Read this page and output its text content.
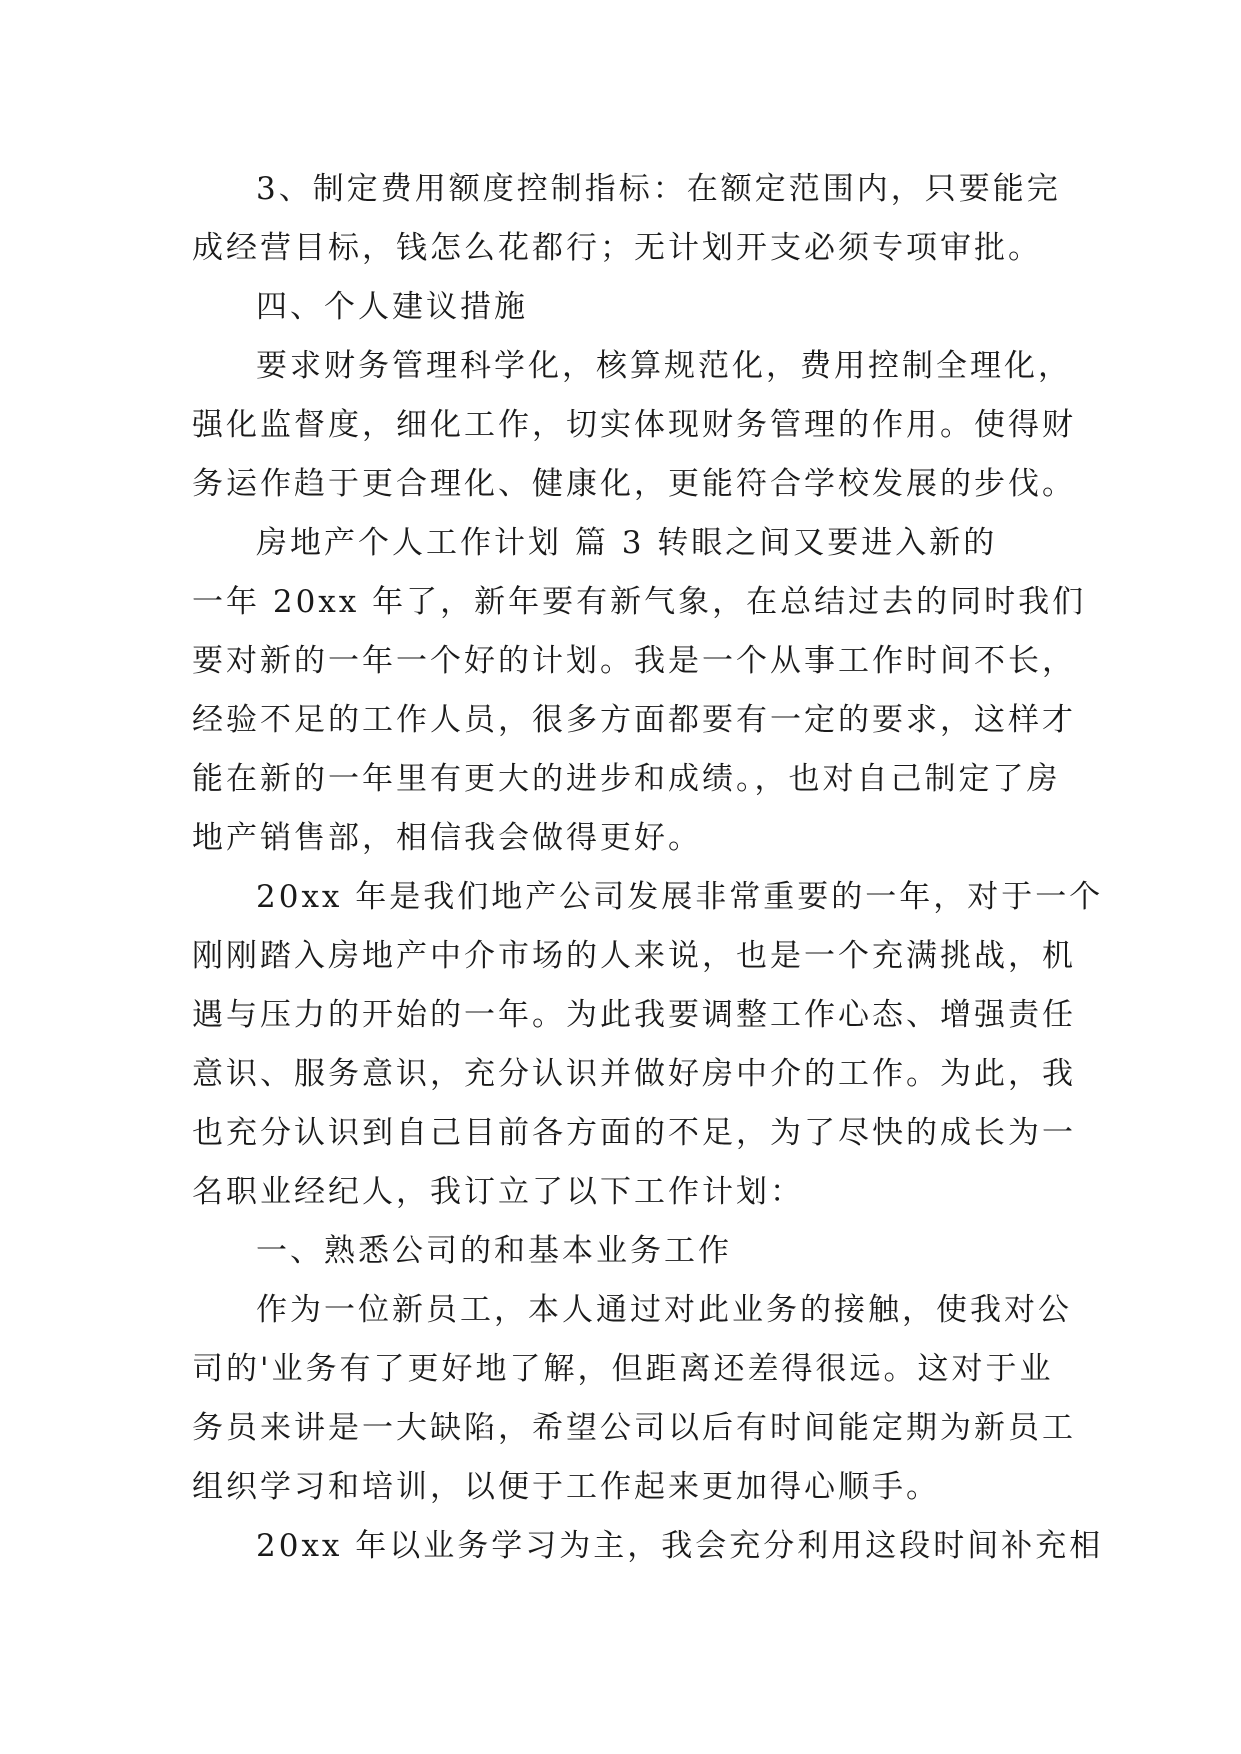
3、制定费用额度控制指标：在额定范围内，只要能完
成经营目标，钱怎么花都行；无计划开支必须专项审批。
四、个人建议措施
要求财务管理科学化，核算规范化，费用控制全理化，
强化监督度，细化工作，切实体现财务管理的作用。使得财
务运作趋于更合理化、健康化，更能符合学校发展的步伐。
房地产个人工作计划 篇 3 转眼之间又要进入新的
一年 20xx 年了，新年要有新气象，在总结过去的同时我们
要对新的一年一个好的计划。我是一个从事工作时间不长，
经验不足的工作人员，很多方面都要有一定的要求，这样才
能在新的一年里有更大的进步和成绩。，也对自己制定了房
地产销售部，相信我会做得更好。
20xx 年是我们地产公司发展非常重要的一年，对于一个
刚刚踏入房地产中介市场的人来说，也是一个充满挑战，机
遇与压力的开始的一年。为此我要调整工作心态、增强责任
意识、服务意识，充分认识并做好房中介的工作。为此，我
也充分认识到自己目前各方面的不足，为了尽快的成长为一
名职业经纪人，我订立了以下工作计划：
一、熟悉公司的和基本业务工作
作为一位新员工，本人通过对此业务的接触，使我对公
司的'业务有了更好地了解，但距离还差得很远。这对于业
务员来讲是一大缺陷，希望公司以后有时间能定期为新员工
组织学习和培训，以便于工作起来更加得心顺手。
20xx 年以业务学习为主，我会充分利用这段时间补充相
